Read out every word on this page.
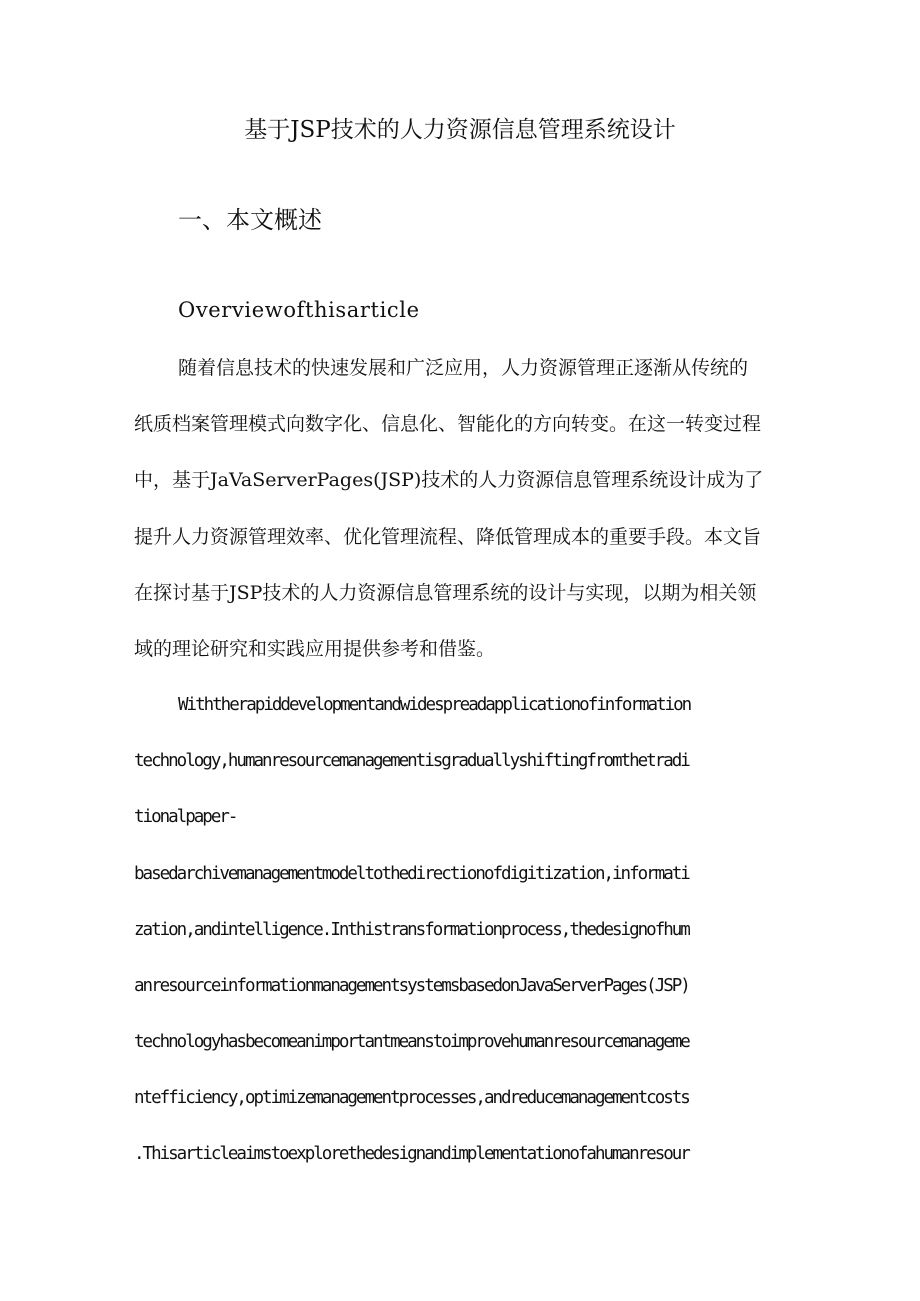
基于JSP技术的人力资源信息管理系统设计
一、本文概述
Overviewofthisarticle
随着信息技术的快速发展和广泛应用，人力资源管理正逐渐从传统的
纸质档案管理模式向数字化、信息化、智能化的方向转变。在这一转变过程
中，基于JaVaServerPages(JSP)技术的人力资源信息管理系统设计成为了
提升人力资源管理效率、优化管理流程、降低管理成本的重要手段。本文旨
在探讨基于JSP技术的人力资源信息管理系统的设计与实现，以期为相关领
域的理论研究和实践应用提供参考和借鉴。
Withtherapiddevelopmentandwidespreadapplicationofinformation
technology,humanresourcemanagementisgraduallyshiftingfromthetradi
tionalpaper-
basedarchivemanagementmodeltothedirectionofdigitization,informati
zation,andintelligence.Inthistransformationprocess,thedesignofhum
anresourceinformationmanagementsystemsbasedonJavaServerPages(JSP)
technologyhasbecomeanimportantmeanstoimprovehumanresourcemanageme
ntefficiency,optimizemanagementprocesses,andreducemanagementcosts
.Thisarticleaimstoexplorethedesignandimplementationofahumanresour
